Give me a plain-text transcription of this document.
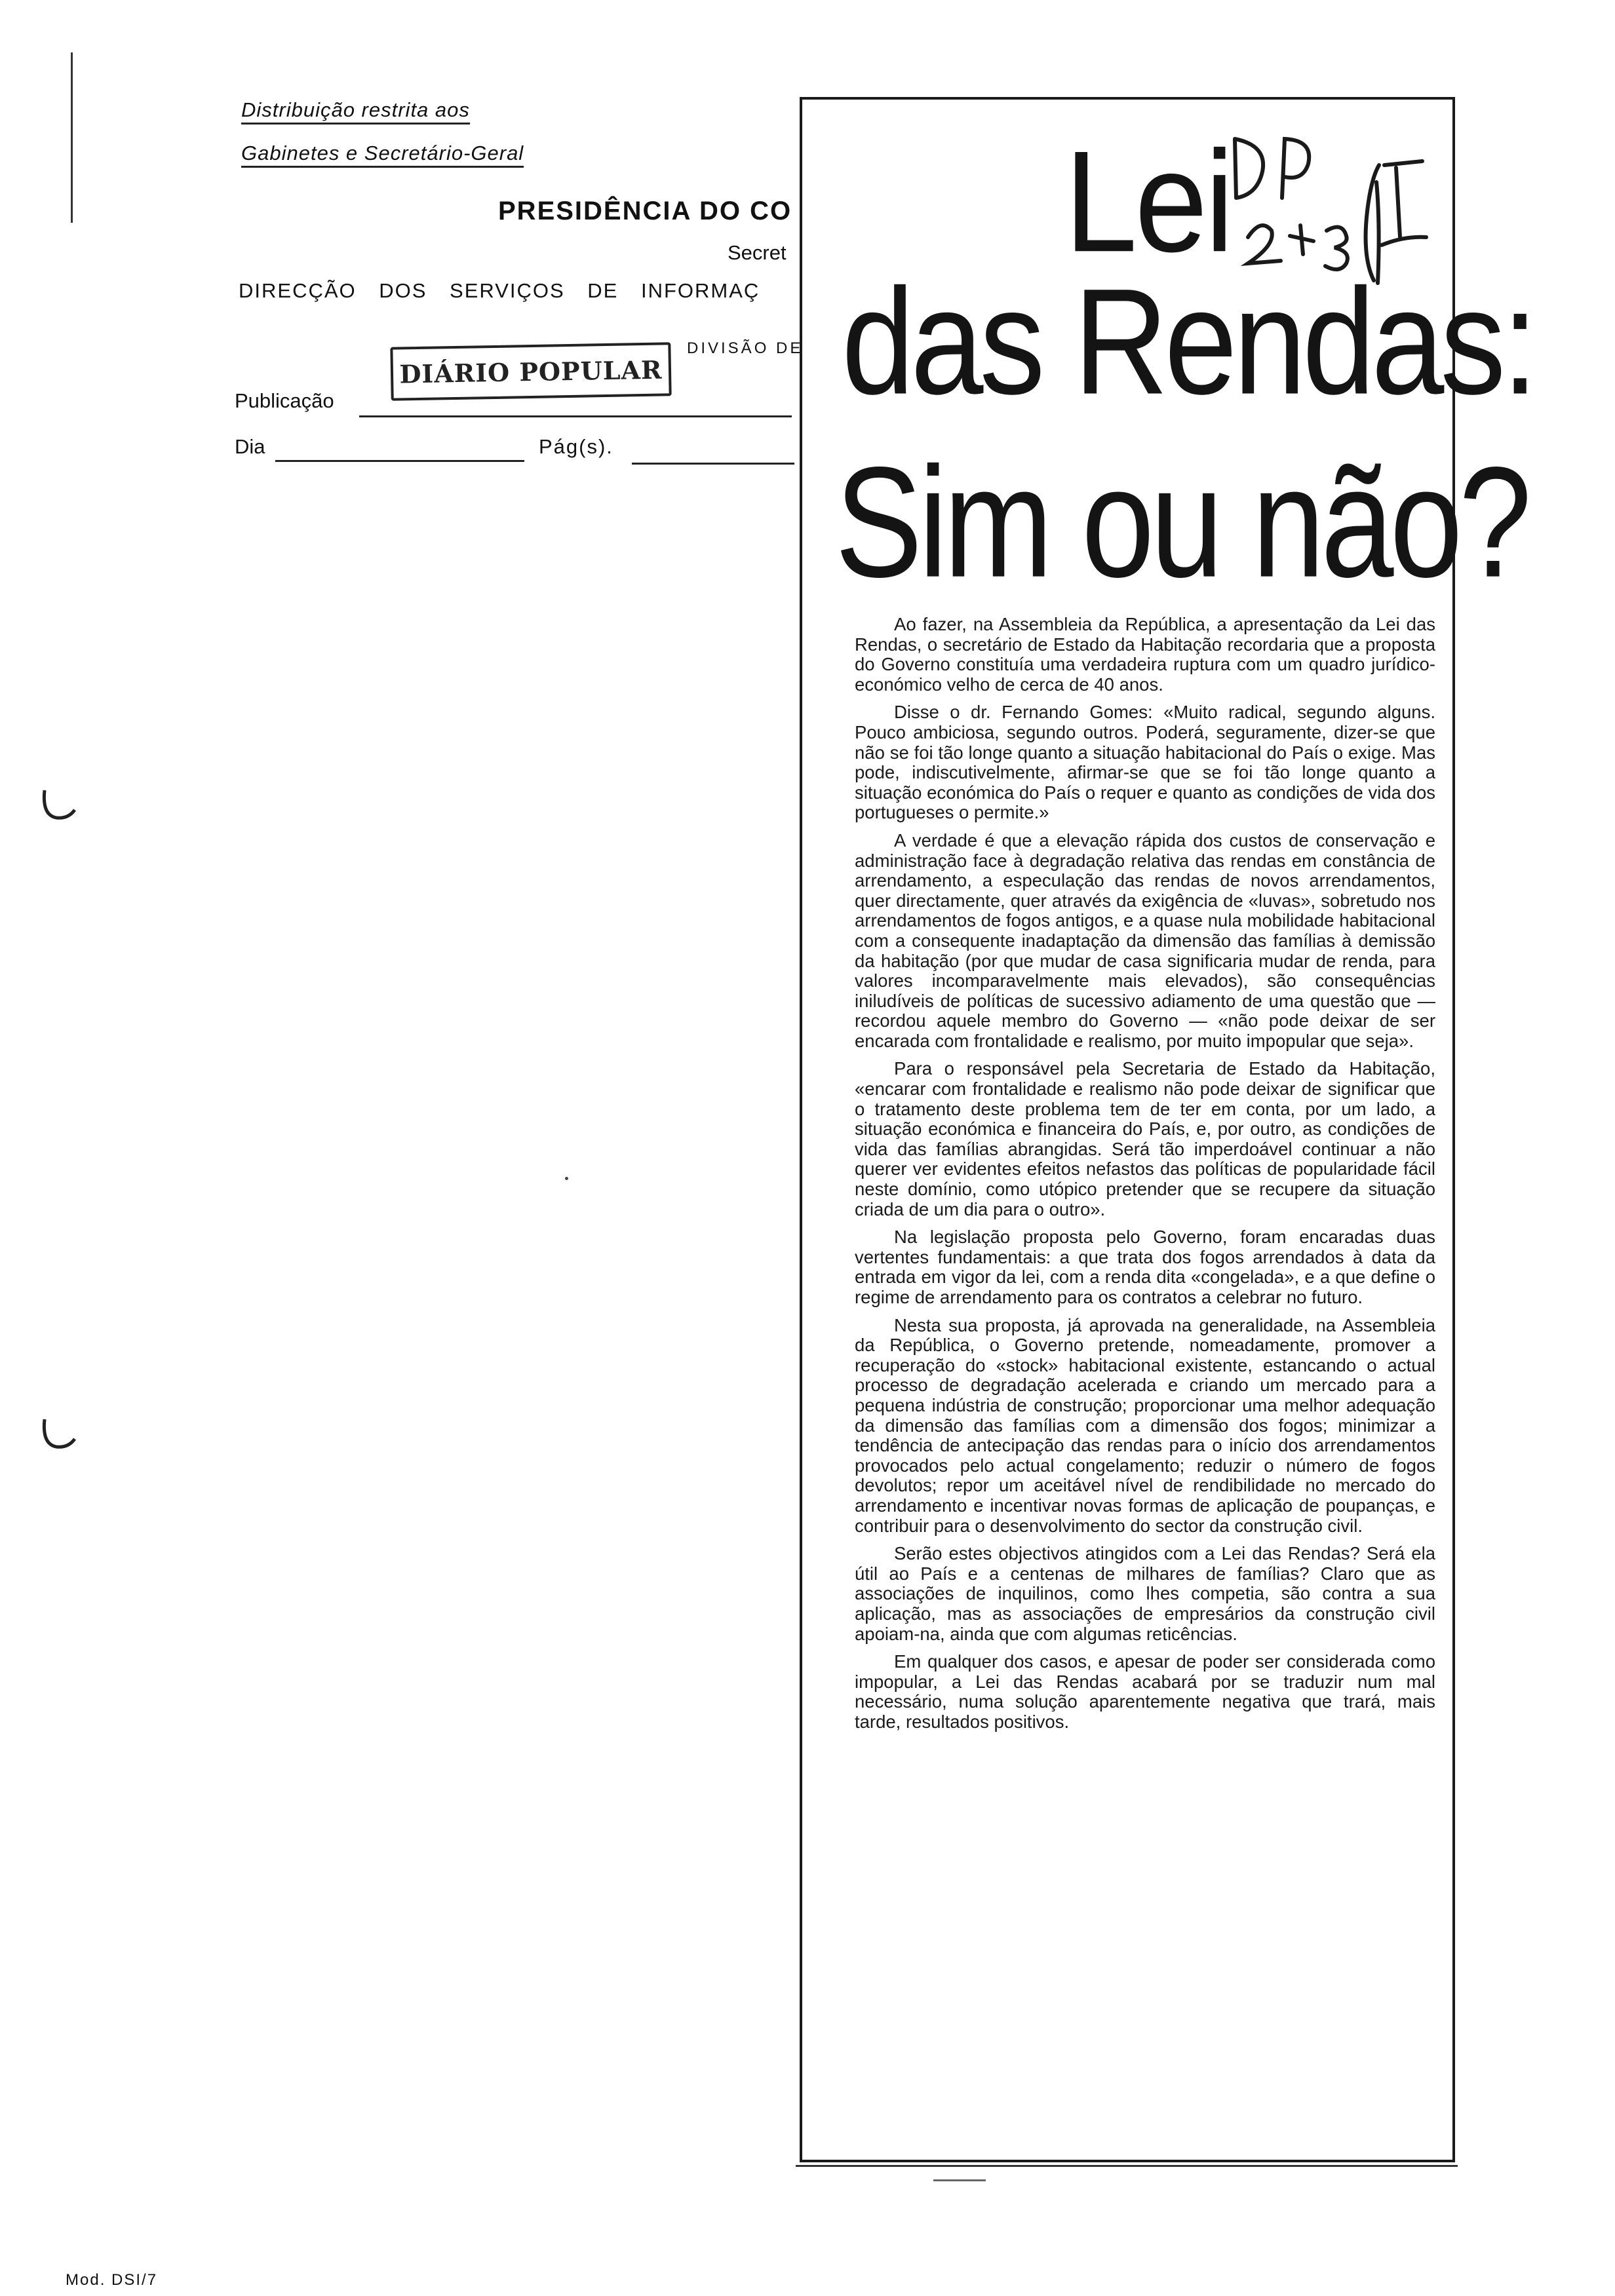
Distribuição restrita aos
Gabinetes e Secretário-Geral
PRESIDÊNCIA DO CO
Secret
DIRECÇÃO DOS SERVIÇOS DE INFORMAÇ
DIVISÃO DE
DIÁRIO POPULAR
Publicação
Dia	Pág(s).
Lei
das Rendas:
Sim ou não?

Ao fazer, na Assembleia da República, a apresentação da Lei das Rendas, o secretário de Estado da Habitação recordaria que a proposta do Governo constituía uma verdadeira ruptura com um quadro jurídico-económico velho de cerca de 40 anos.

Disse o dr. Fernando Gomes: «Muito radical, segundo alguns. Pouco ambiciosa, segundo outros. Poderá, seguramente, dizer-se que não se foi tão longe quanto a situação habitacional do País o exige. Mas pode, indiscutivelmente, afirmar-se que se foi tão longe quanto a situação económica do País o requer e quanto as condições de vida dos portugueses o permite.»

A verdade é que a elevação rápida dos custos de conservação e administração face à degradação relativa das rendas em constância de arrendamento, a especulação das rendas de novos arrendamentos, quer directamente, quer através da exigência de «luvas», sobretudo nos arrendamentos de fogos antigos, e a quase nula mobilidade habitacional com a consequente inadaptação da dimensão das famílias à demissão da habitação (por que mudar de casa significaria mudar de renda, para valores incomparavelmente mais elevados), são consequências iniludíveis de políticas de sucessivo adiamento de uma questão que — recordou aquele membro do Governo — «não pode deixar de ser encarada com frontalidade e realismo, por muito impopular que seja».

Para o responsável pela Secretaria de Estado da Habitação, «encarar com frontalidade e realismo não pode deixar de significar que o tratamento deste problema tem de ter em conta, por um lado, a situação económica e financeira do País, e, por outro, as condições de vida das famílias abrangidas. Será tão imperdoável continuar a não querer ver evidentes efeitos nefastos das políticas de popularidade fácil neste domínio, como utópico pretender que se recupere da situação criada de um dia para o outro».

Na legislação proposta pelo Governo, foram encaradas duas vertentes fundamentais: a que trata dos fogos arrendados à data da entrada em vigor da lei, com a renda dita «congelada», e a que define o regime de arrendamento para os contratos a celebrar no futuro.

Nesta sua proposta, já aprovada na generalidade, na Assembleia da República, o Governo pretende, nomeadamente, promover a recuperação do «stock» habitacional existente, estancando o actual processo de degradação acelerada e criando um mercado para a pequena indústria de construção; proporcionar uma melhor adequação da dimensão das famílias com a dimensão dos fogos; minimizar a tendência de antecipação das rendas para o início dos arrendamentos provocados pelo actual congelamento; reduzir o número de fogos devolutos; repor um aceitável nível de rendibilidade no mercado do arrendamento e incentivar novas formas de aplicação de poupanças, e contribuir para o desenvolvimento do sector da construção civil.

Serão estes objectivos atingidos com a Lei das Rendas? Será ela útil ao País e a centenas de milhares de famílias? Claro que as associações de inquilinos, como lhes competia, são contra a sua aplicação, mas as associações de empresários da construção civil apoiam-na, ainda que com algumas reticências.

Em qualquer dos casos, e apesar de poder ser considerada como impopular, a Lei das Rendas acabará por se traduzir num mal necessário, numa solução aparentemente negativa que trará, mais tarde, resultados positivos.

Mod. DSI/7
